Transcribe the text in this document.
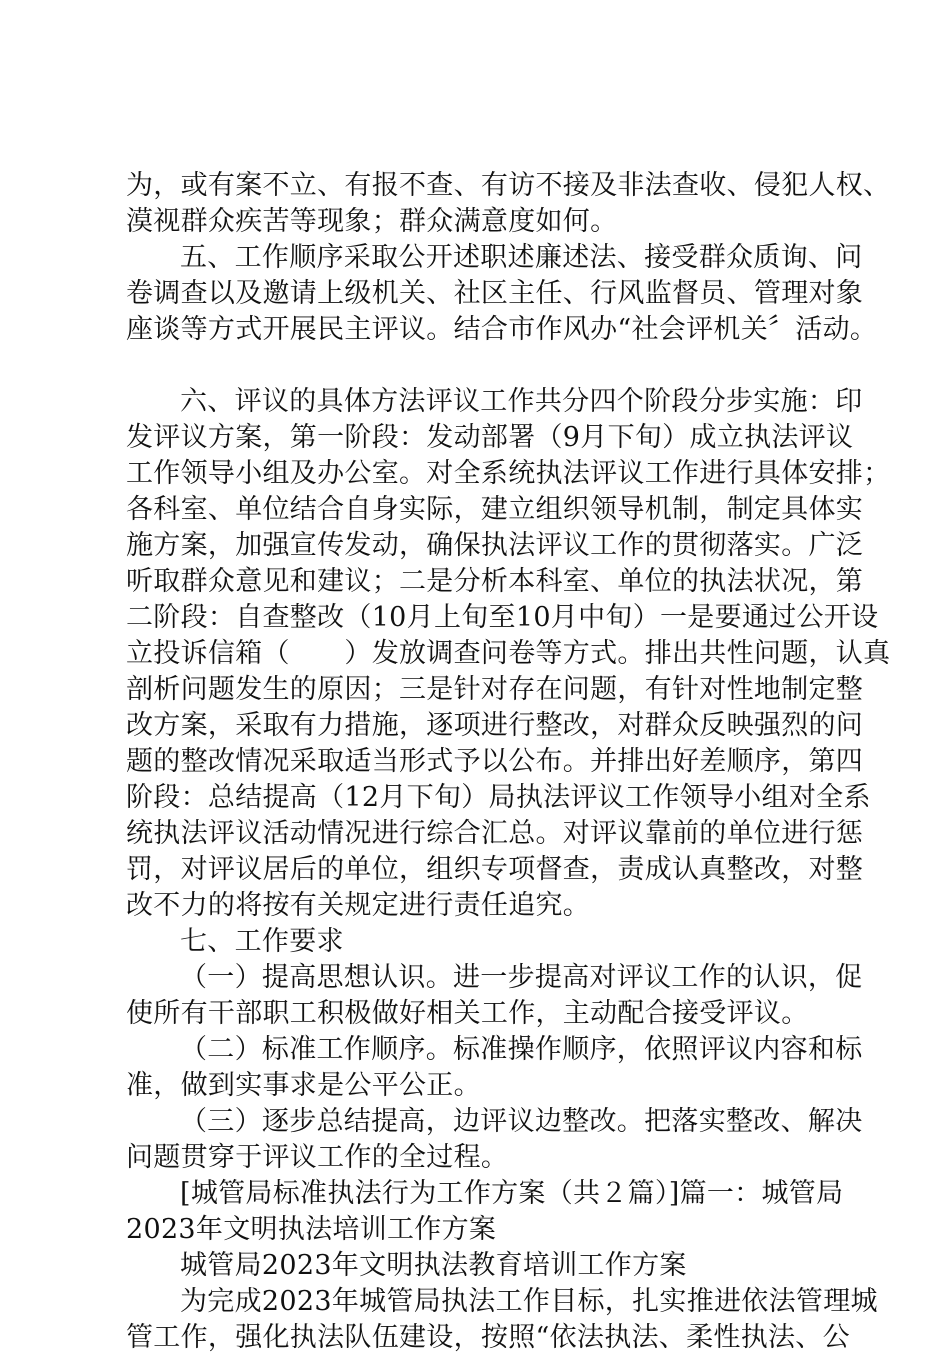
为，或有案不立、有报不查、有访不接及非法查收、侵犯人权、
漠视群众疾苦等现象；群众满意度如何。
五、工作顺序采取公开述职述廉述法、接受群众质询、问
卷调查以及邀请上级机关、社区主任、行风监督员、管理对象
座谈等方式开展民主评议。结合市作风办“社会评机关〞活动。
六、评议的具体方法评议工作共分四个阶段分步实施：印
发评议方案，第一阶段：发动部署（9月下旬）成立执法评议
工作领导小组及办公室。对全系统执法评议工作进行具体安排；
各科室、单位结合自身实际，建立组织领导机制，制定具体实
施方案，加强宣传发动，确保执法评议工作的贯彻落实。广泛
听取群众意见和建议；二是分析本科室、单位的执法状况，第
二阶段：自查整改（10月上旬至10月中旬）一是要通过公开设
立投诉信箱（　　）发放调查问卷等方式。排出共性问题，认真
剖析问题发生的原因；三是针对存在问题，有针对性地制定整
改方案，采取有力措施，逐项进行整改，对群众反映强烈的问
题的整改情况采取适当形式予以公布。并排出好差顺序，第四
阶段：总结提高（12月下旬）局执法评议工作领导小组对全系
统执法评议活动情况进行综合汇总。对评议靠前的单位进行惩
罚，对评议居后的单位，组织专项督查，责成认真整改，对整
改不力的将按有关规定进行责任追究。
七、工作要求
（一）提高思想认识。进一步提高对评议工作的认识，促
使所有干部职工积极做好相关工作，主动配合接受评议。
（二）标准工作顺序。标准操作顺序，依照评议内容和标
准，做到实事求是公平公正。
（三）逐步总结提高，边评议边整改。把落实整改、解决
问题贯穿于评议工作的全过程。
[城管局标准执法行为工作方案（共２篇）]篇一：城管局
2023年文明执法培训工作方案
城管局2023年文明执法教育培训工作方案
为完成2023年城管局执法工作目标，扎实推进依法管理城
管工作，强化执法队伍建设，按照“依法执法、柔性执法、公
